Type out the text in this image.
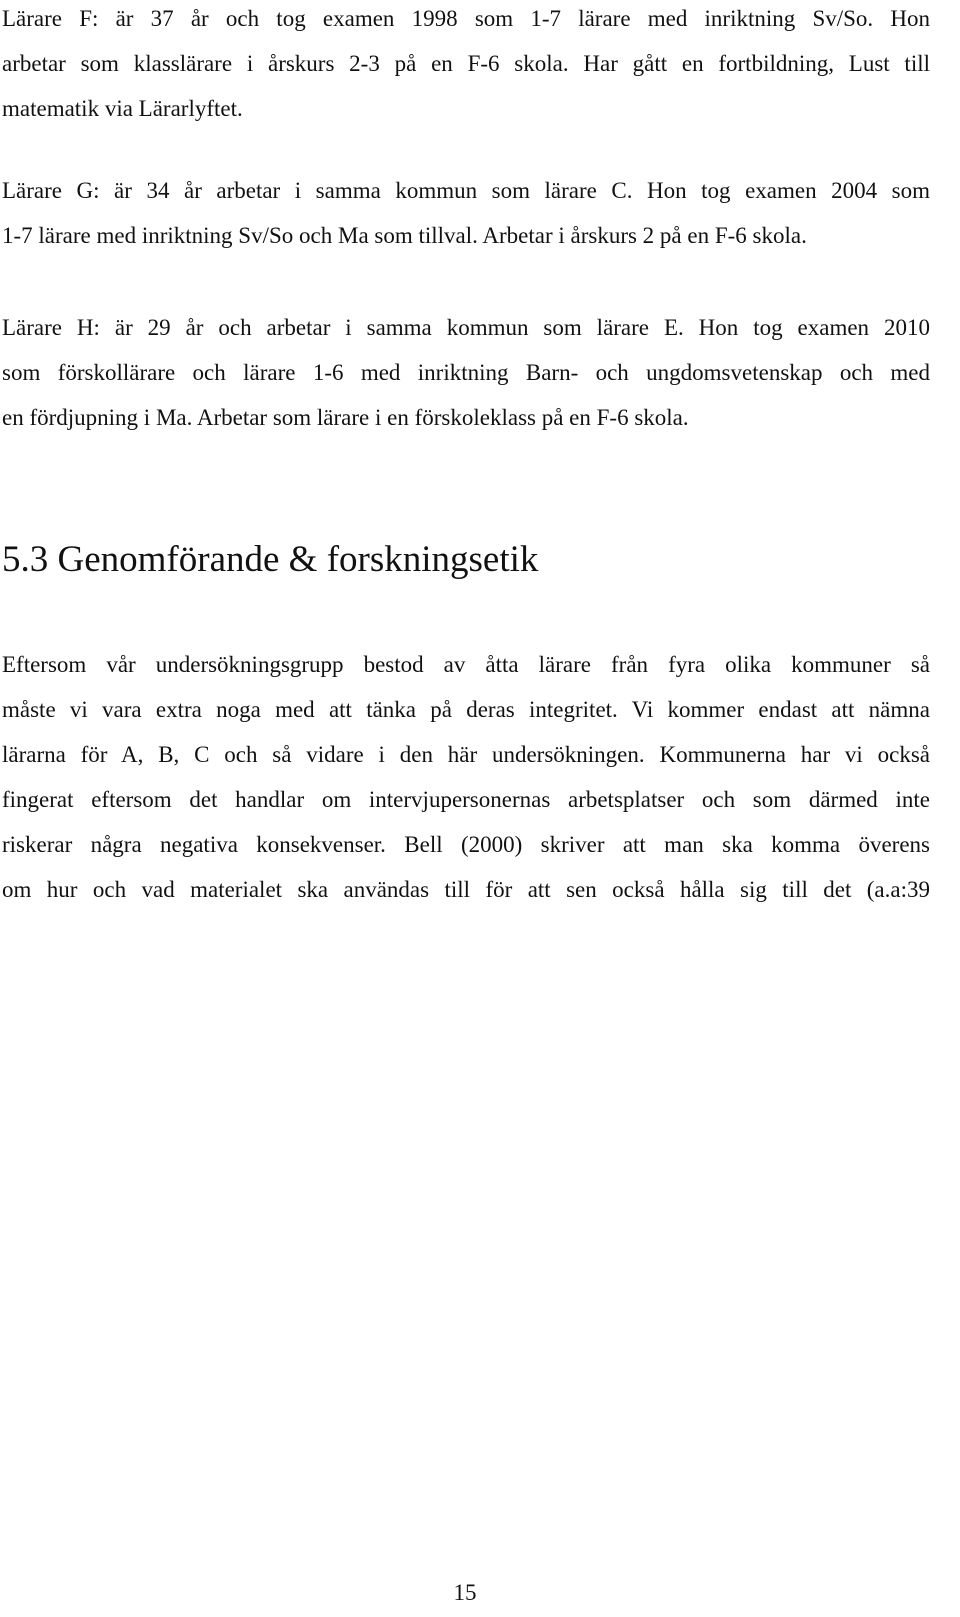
Lärare F: är 37 år och tog examen 1998 som 1-7 lärare med inriktning Sv/So. Hon
arbetar som klasslärare i årskurs 2-3 på en F-6 skola. Har gått en fortbildning, Lust till
matematik via Lärarlyftet.

Lärare G: är 34 år arbetar i samma kommun som lärare C. Hon tog examen 2004 som
1-7 lärare med inriktning Sv/So och Ma som tillval. Arbetar i årskurs 2 på en F-6 skola.

Lärare H: är 29 år och arbetar i samma kommun som lärare E. Hon tog examen 2010
som förskollärare och lärare 1-6 med inriktning Barn- och ungdomsvetenskap och med
en fördjupning i Ma. Arbetar som lärare i en förskoleklass på en F-6 skola.

5.3 Genomförande & forskningsetik

Eftersom vår undersökningsgrupp bestod av åtta lärare från fyra olika kommuner så
måste vi vara extra noga med att tänka på deras integritet. Vi kommer endast att nämna
lärarna för A, B, C och så vidare i den här undersökningen. Kommunerna har vi också
fingerat eftersom det handlar om intervjupersonernas arbetsplatser och som därmed inte
riskerar några negativa konsekvenser. Bell (2000) skriver att man ska komma överens
om hur och vad materialet ska användas till för att sen också hålla sig till det (a.a:39

15
